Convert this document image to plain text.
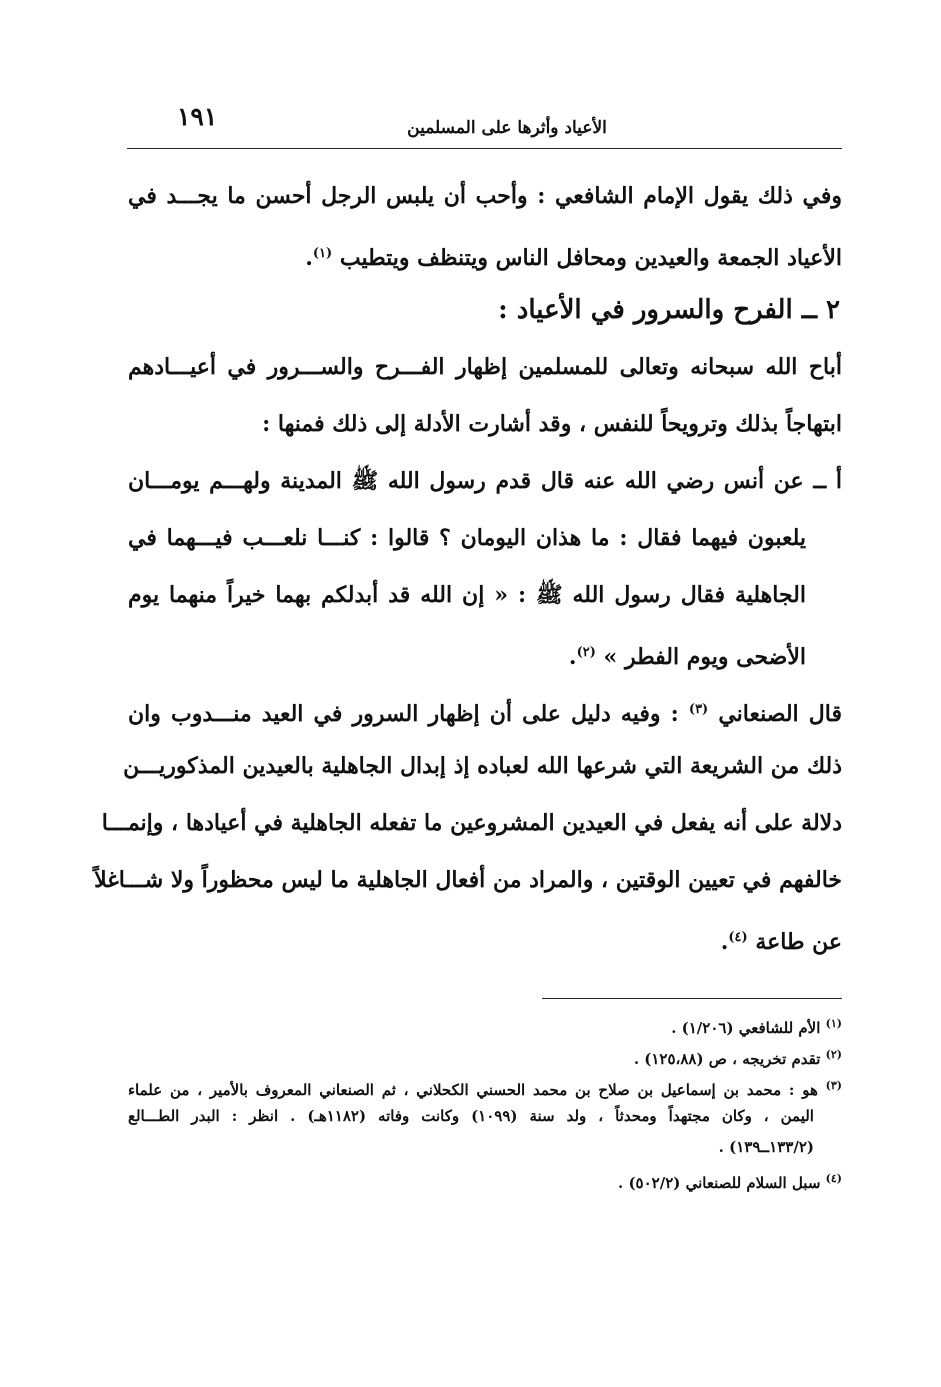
١٩١	الأعياد وأثرها على المسلمين
وفي ذلك يقول الإمام الشافعي : وأحب أن يلبس الرجل أحسن ما يجـــد في
الأعياد الجمعة والعيدين ومحافل الناس ويتنظف ويتطيب $^{(١)}$.
٢ ــ الفرح والسرور في الأعياد :
أباح الله سبحانه وتعالى للمسلمين إظهار الفـــرح والســـرور في أعيـــادهم
ابتهاجاً بذلك وترويحاً للنفس ، وقد أشارت الأدلة إلى ذلك فمنها :
أ ــ عن أنس رضي الله عنه قال قدم رسول الله ﷺ المدينة ولهـــم يومـــان
يلعبون فيهما فقال : ما هذان اليومان ؟ قالوا : كنـــا نلعـــب فيـــهما في
الجاهلية فقال رسول الله ﷺ : « إن الله قد أبدلكم بهما خيراً منهما يوم
الأضحى ويوم الفطر » $^{(٢)}$.
قال الصنعاني $^{(٣)}$ : وفيه دليل على أن إظهار السرور في العيد منـــدوب وان
ذلك من الشريعة التي شرعها الله لعباده إذ إبدال الجاهلية بالعيدين المذكوريـــن
دلالة على أنه يفعل في العيدين المشروعين ما تفعله الجاهلية في أعيادها ، وإنمـــا
خالفهم في تعيين الوقتين ، والمراد من أفعال الجاهلية ما ليس محظوراً ولا شـــاغلاً
عن طاعة $^{(٤)}$.
$^{(١)}$ الأم للشافعي (١/٢٠٦) .
$^{(٢)}$ تقدم تخريجه ، ص (١٢٥،٨٨) .
$^{(٣)}$ هو : محمد بن إسماعيل بن صلاح بن محمد الحسني الكحلاني ، ثم الصنعاني المعروف بالأمير ، من علماء
اليمن ، وكان مجتهداً ومحدثاً ، ولد سنة (١٠٩٩) وكانت وفاته (١١٨٢هـ) . انظر : البدر الطـــالع
(١٣٣/٢ــ١٣٩) .
$^{(٤)}$ سبل السلام للصنعاني (٥٠٢/٢) .
